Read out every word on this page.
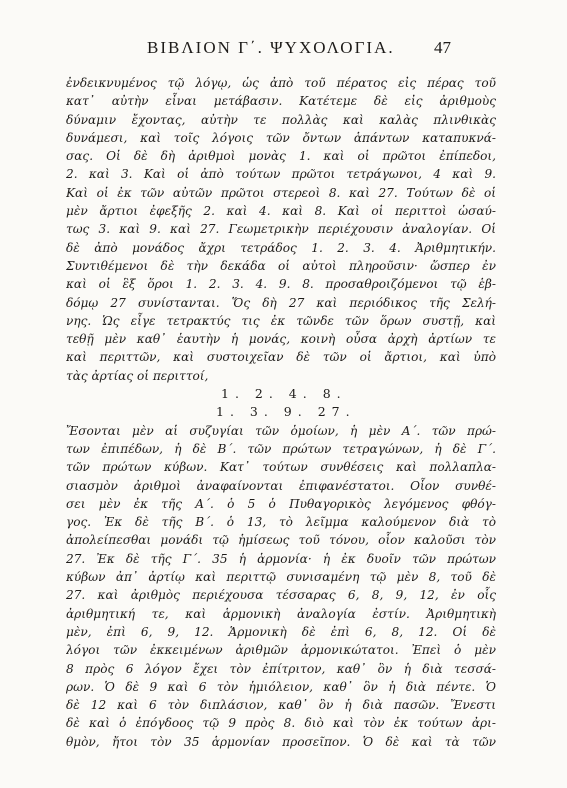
ΒΙΒΛΙΟΝ Γ΄. ΨΥΧΟΛΟΓΙΑ. 47
ἐνδεικνυμένος τῷ λόγῳ, ὡς ἀπὸ τοῦ πέρατος εἰς πέρας τοῦ
κατ᾽ αὐτὴν εἶναι μετάβασιν. Κατέτεμε δὲ εἰς ἀριθμοὺς
δύναμιν ἔχοντας, αὐτὴν τε πολλὰς καὶ καλὰς πλινθικὰς
δυνάμεσι, καὶ τοῖς λόγοις τῶν ὄντων ἁπάντων καταπυκνά-
σας. Οἱ δὲ δὴ ἀριθμοὶ μονὰς 1. καὶ οἱ πρῶτοι ἐπίπεδοι,
2. καὶ 3. Καὶ οἱ ἀπὸ τούτων πρῶτοι τετράγωνοι, 4 καὶ 9.
Καὶ οἱ ἐκ τῶν αὐτῶν πρῶτοι στερεοὶ 8. καὶ 27. Τούτων δὲ οἱ
μὲν ἄρτιοι ἐφεξῆς 2. καὶ 4. καὶ 8. Καὶ οἱ περιττοὶ ὡσαύ-
τως 3. καὶ 9. καὶ 27. Γεωμετρικὴν περιέχουσιν ἀναλογίαν. Οἱ
δὲ ἀπὸ μονάδος ἄχρι τετράδος 1. 2. 3. 4. Ἀριθμητικήν.
Συντιθέμενοι δὲ τὴν δεκάδα οἱ αὐτοὶ πληροῦσιν· ὥσπερ ἐν
καὶ οἱ ἓξ ὅροι 1. 2. 3. 4. 9. 8. προσαθροιζόμενοι τῷ ἑβ-
δόμῳ 27 συνίστανται. Ὅς δὴ 27 καὶ περιόδικος τῆς Σελή-
νης. Ὡς εἶγε τετρακτύς τις ἐκ τῶνδε τῶν ὅρων συστῇ, καὶ
τεθῇ μὲν καθ᾽ ἑαυτὴν ἡ μονάς, κοινὴ οὖσα ἀρχὴ ἀρτίων τε
καὶ περιττῶν, καὶ συστοιχεῖαν δὲ τῶν οἱ ἄρτιοι, καὶ ὑπὸ
τὰς ἀρτίας οἱ περιττοί,
1. 2. 4. 8.
1. 3. 9. 27.
Ἔσονται μὲν αἱ συζυγίαι τῶν ὁμοίων, ἡ μὲν Α΄. τῶν πρώ-
των ἐπιπέδων, ἡ δὲ Β΄. τῶν πρώτων τετραγώνων, ἡ δὲ Γ΄.
τῶν πρώτων κύβων. Κατ᾽ τούτων συνθέσεις καὶ πολλαπλα-
σιασμὸν ἀριθμοὶ ἀναφαίνονται ἐπιφανέστατοι. Οἷον συνθέ-
σει μὲν ἐκ τῆς Α΄. ὁ 5 ὁ Πυθαγορικὸς λεγόμενος φθόγ-
γος. Ἐκ δὲ τῆς Β΄. ὁ 13, τὸ λεῖμμα καλούμενον διὰ τὸ
ἀπολείπεσθαι μονάδι τῷ ἡμίσεως τοῦ τόνου, οἷον καλοῦσι τὸν
27. Ἐκ δὲ τῆς Γ΄. 35 ἡ ἁρμονία· ἡ ἐκ δυοῖν τῶν πρώτων
κύβων ἀπ᾽ ἀρτίῳ καὶ περιττῷ συνισαμένη τῷ μὲν 8, τοῦ δὲ
27. καὶ ἀριθμὸς περιέχουσα τέσσαρας 6, 8, 9, 12, ἐν οἷς
ἀριθμητική τε, καὶ ἁρμονικὴ ἀναλογία ἐστίν. Ἀριθμητικὴ
μὲν, ἐπὶ 6, 9, 12. Ἁρμονικὴ δὲ ἐπὶ 6, 8, 12. Οἱ δὲ
λόγοι τῶν ἐκκειμένων ἀριθμῶν ἁρμονικώτατοι. Ἐπεὶ ὁ μὲν
8 πρὸς 6 λόγον ἔχει τὸν ἐπίτριτον, καθ᾽ ὃν ἡ διὰ τεσσά-
ρων. Ὁ δὲ 9 καὶ 6 τὸν ἡμιόλειον, καθ᾽ ὃν ἡ διὰ πέντε. Ὁ
δὲ 12 καὶ 6 τὸν διπλάσιον, καθ᾽ ὃν ἡ διὰ πασῶν. Ἔνεστι
δὲ καὶ ὁ ἐπόγδοος τῷ 9 πρὸς 8. διὸ καὶ τὸν ἐκ τούτων ἀρι-
θμὸν, ἤτοι τὸν 35 ἁρμονίαν προσεῖπον. Ὁ δὲ καὶ τὰ τῶν
